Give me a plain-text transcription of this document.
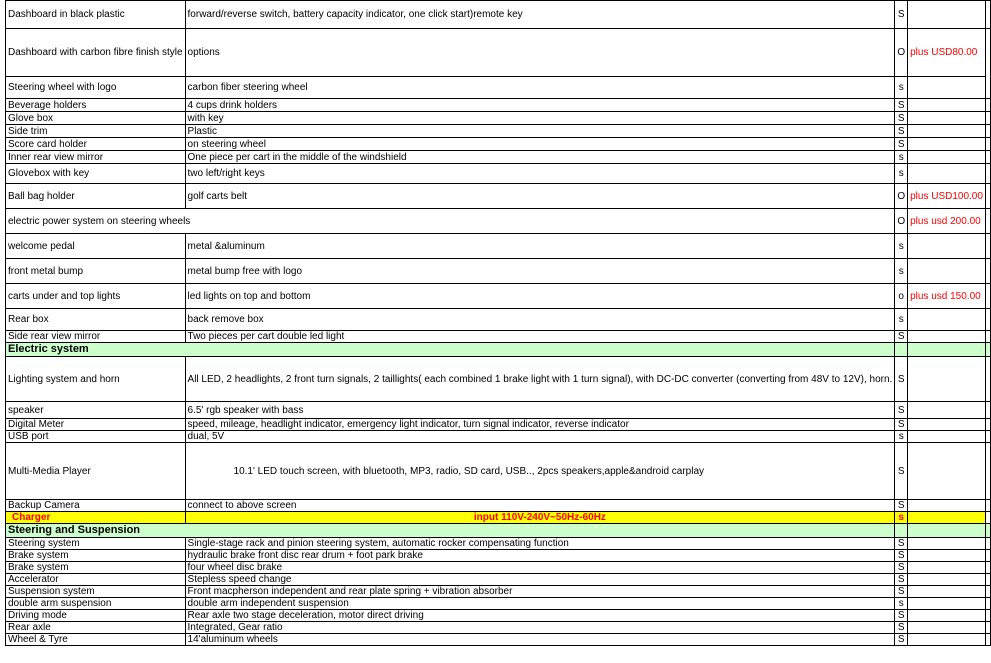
Dashboard in black plastic	forward/reverse switch, battery capacity indicator, one click start)remote key	S		
Dashboard with carbon fibre finish style	options	O	plus USD80.00	
Steering wheel with logo	carbon fiber steering wheel	s		
Beverage holders	4 cups drink holders	S		
Glove box	with key	S		
Side trim	Plastic	S		
Score card holder	on steering wheel	S		
Inner rear view mirror	One piece per cart in the middle of the windshield	s		
Glovebox with key	two left/right keys	s		
Ball bag holder	golf carts belt	O	plus USD100.00	
electric power system on steering wheels		O	plus usd 200.00	
welcome pedal	metal &aluminum	s		
front metal bump	metal bump free with logo	s		
carts under and top lights	led lights on top and bottom	o	plus usd 150.00	
Rear box	back remove box	s		
Side rear view mirror	Two pieces per cart double led light	S		
Electric system				
Lighting system and horn	All LED, 2 headlights, 2 front turn signals, 2 taillights( each combined 1 brake light with 1 turn signal), with DC-DC converter (converting from 48V to 12V), horn.	S		
speaker	6.5' rgb speaker with bass	S		
Digital Meter	speed, mileage, headlight indicator, emergency light indicator, turn signal indicator, reverse indicator	S		
USB port	dual, 5V	s		
Multi-Media Player	10.1' LED touch screen, with bluetooth, MP3, radio, SD card, USB.., 2pcs speakers,apple&android carplay	S		
Backup Camera	connect to above screen	S		
Charger	input 110V-240V~50Hz-60Hz	s		
Steering and Suspension				
Steering system	Single-stage rack and pinion steering system, automatic rocker compensating function	S		
Brake system	hydraulic brake front disc rear drum + foot park brake	S		
Brake system	four wheel disc brake	S		
Accelerator	Stepless speed change	S		
Suspension system	Front macpherson independent and rear plate spring + vibration absorber	S		
double arm suspension	double arm independent suspension	s		
Driving mode	Rear axle two stage deceleration, motor direct driving	S		
Rear axle	Integrated, Gear ratio	S		
Wheel & Tyre	14'aluminum wheels	S		
